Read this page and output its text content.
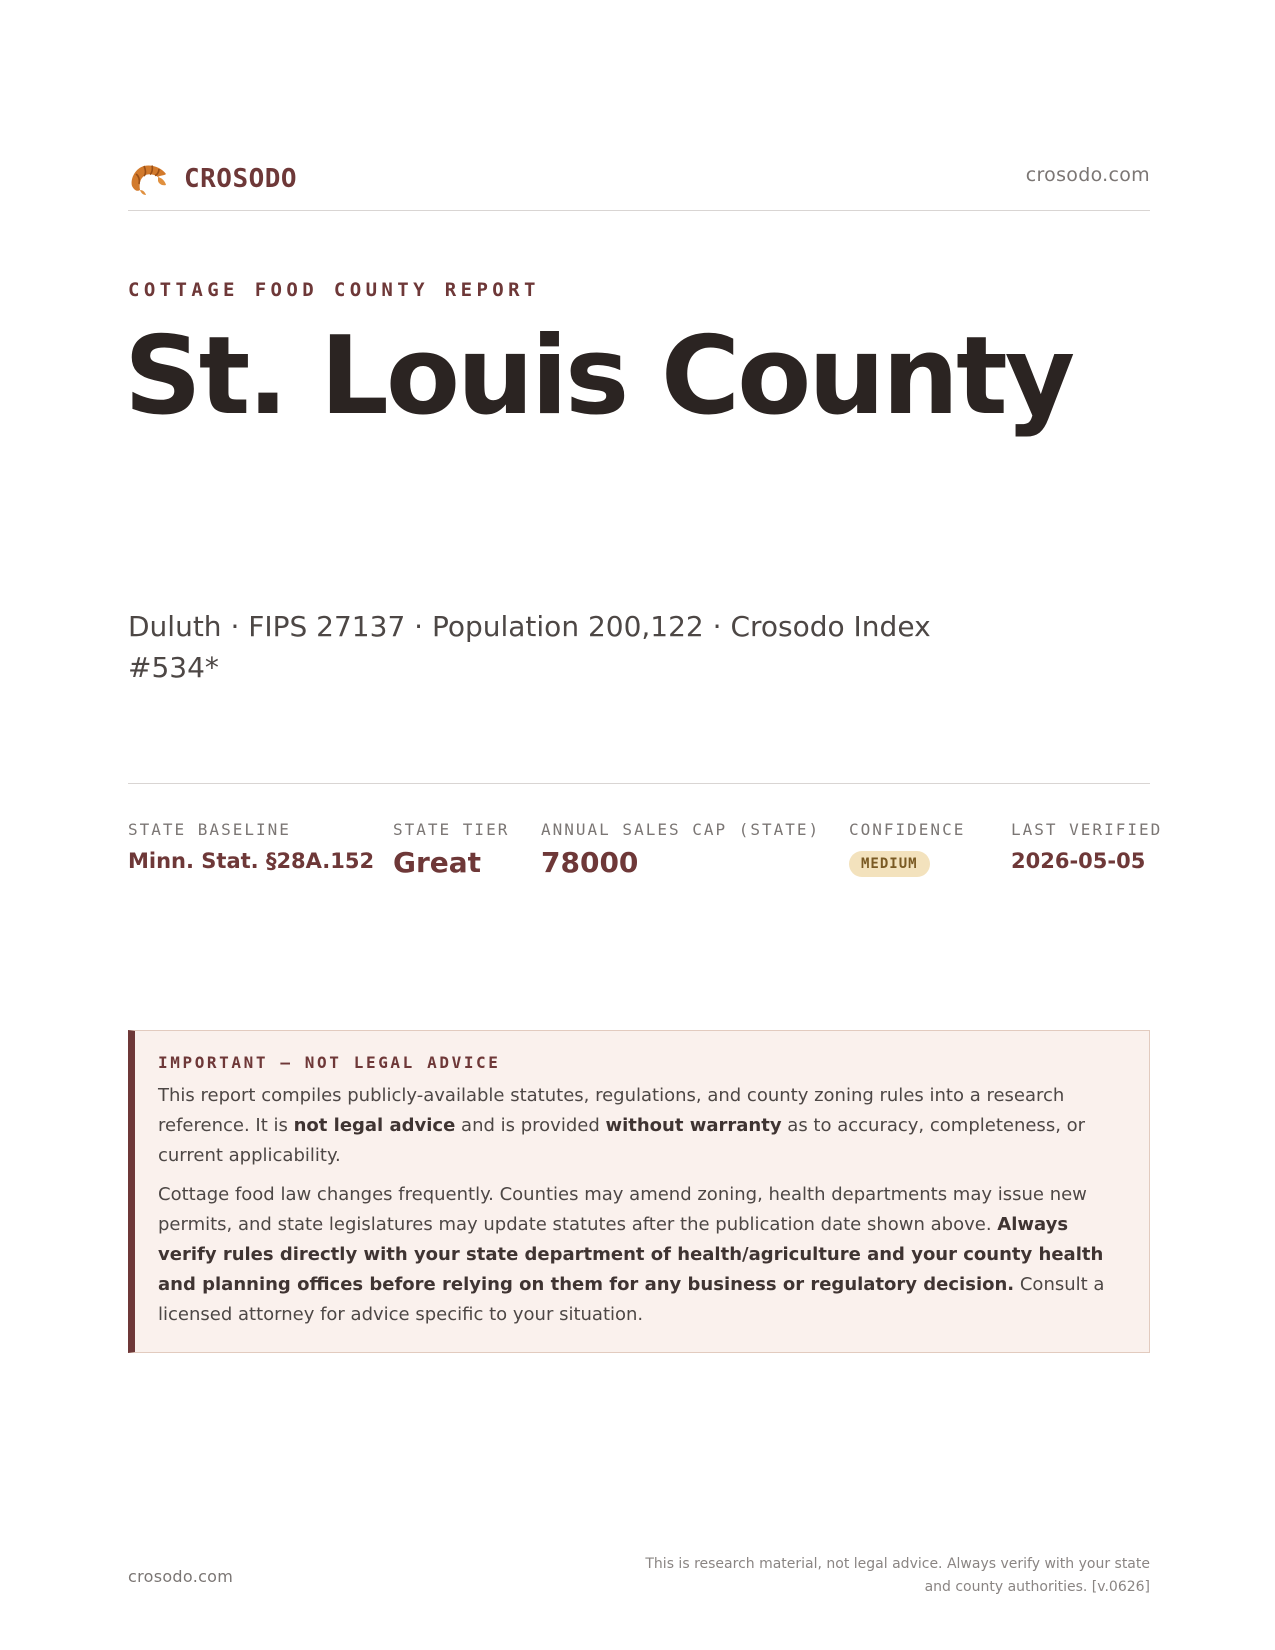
CROSODO	crosodo.com
COTTAGE FOOD COUNTY REPORT
St. Louis County
Duluth · FIPS 27137 · Population 200,122 · Crosodo Index #534*
STATE BASELINE
Minn. Stat. §28A.152
STATE TIER
Great
ANNUAL SALES CAP (STATE)
78000
CONFIDENCE
MEDIUM
LAST VERIFIED
2026-05-05
IMPORTANT — NOT LEGAL ADVICE

This report compiles publicly-available statutes, regulations, and county zoning rules into a research reference. It is not legal advice and is provided without warranty as to accuracy, completeness, or current applicability.

Cottage food law changes frequently. Counties may amend zoning, health departments may issue new permits, and state legislatures may update statutes after the publication date shown above. Always verify rules directly with your state department of health/agriculture and your county health and planning offices before relying on them for any business or regulatory decision. Consult a licensed attorney for advice specific to your situation.

crosodo.com
This is research material, not legal advice. Always verify with your state and county authorities. [v.0626]
